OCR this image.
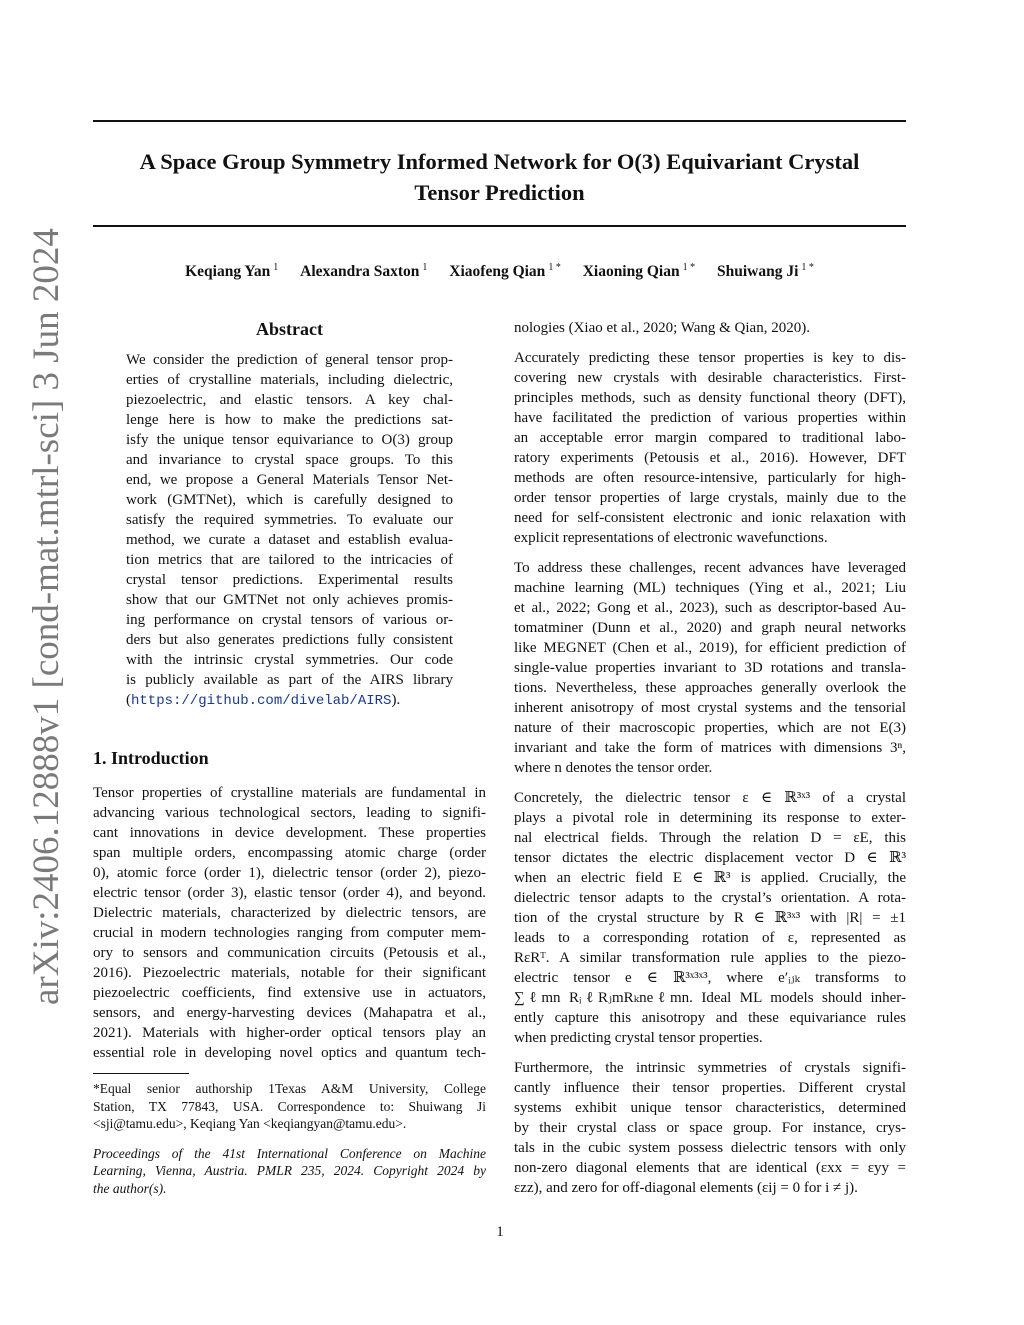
arXiv:2406.12888v1 [cond-mat.mtrl-sci] 3 Jun 2024
A Space Group Symmetry Informed Network for O(3) Equivariant Crystal
Tensor Prediction
Keqiang Yan $^1$ Alexandra Saxton $^1$ Xiaofeng Qian $^{1 *}$ Xiaoning Qian $^{1 *}$ Shuiwang Ji $^{1 *}$
Abstract
We consider the prediction of general tensor prop-
erties of crystalline materials, including dielectric,
piezoelectric, and elastic tensors. A key chal-
lenge here is how to make the predictions sat-
isfy the unique tensor equivariance to O(3) group
and invariance to crystal space groups. To this
end, we propose a General Materials Tensor Net-
work (GMTNet), which is carefully designed to
satisfy the required symmetries. To evaluate our
method, we curate a dataset and establish evalua-
tion metrics that are tailored to the intricacies of
crystal tensor predictions. Experimental results
show that our GMTNet not only achieves promis-
ing performance on crystal tensors of various or-
ders but also generates predictions fully consistent
with the intrinsic crystal symmetries. Our code
is publicly available as part of the AIRS library
(https://github.com/divelab/AIRS).
1. Introduction
Tensor properties of crystalline materials are fundamental in
advancing various technological sectors, leading to signifi-
cant innovations in device development. These properties
span multiple orders, encompassing atomic charge (order
0), atomic force (order 1), dielectric tensor (order 2), piezo-
electric tensor (order 3), elastic tensor (order 4), and beyond.
Dielectric materials, characterized by dielectric tensors, are
crucial in modern technologies ranging from computer mem-
ory to sensors and communication circuits (Petousis et al.,
2016). Piezoelectric materials, notable for their significant
piezoelectric coefficients, find extensive use in actuators,
sensors, and energy-harvesting devices (Mahapatra et al.,
2021). Materials with higher-order optical tensors play an
essential role in developing novel optics and quantum tech-
*Equal senior authorship 1Texas A&M University, College
Station, TX 77843, USA. Correspondence to: Shuiwang Ji
<sji@tamu.edu>, Keqiang Yan <keqiangyan@tamu.edu>.
Proceedings of the 41st International Conference on Machine
Learning, Vienna, Austria. PMLR 235, 2024. Copyright 2024 by
the author(s).

nologies (Xiao et al., 2020; Wang & Qian, 2020).

Accurately predicting these tensor properties is key to dis-
covering new crystals with desirable characteristics. First-
principles methods, such as density functional theory (DFT),
have facilitated the prediction of various properties within
an acceptable error margin compared to traditional labo-
ratory experiments (Petousis et al., 2016). However, DFT
methods are often resource-intensive, particularly for high-
order tensor properties of large crystals, mainly due to the
need for self-consistent electronic and ionic relaxation with
explicit representations of electronic wavefunctions.

To address these challenges, recent advances have leveraged
machine learning (ML) techniques (Ying et al., 2021; Liu
et al., 2022; Gong et al., 2023), such as descriptor-based Au-
tomatminer (Dunn et al., 2020) and graph neural networks
like MEGNET (Chen et al., 2019), for efficient prediction of
single-value properties invariant to 3D rotations and transla-
tions. Nevertheless, these approaches generally overlook the
inherent anisotropy of most crystal systems and the tensorial
nature of their macroscopic properties, which are not E(3)
invariant and take the form of matrices with dimensions 3ⁿ,
where n denotes the tensor order.

Concretely, the dielectric tensor ε ∈ ℝ³ˣ³ of a crystal
plays a pivotal role in determining its response to exter-
nal electrical fields. Through the relation D = εE, this
tensor dictates the electric displacement vector D ∈ ℝ³
when an electric field E ∈ ℝ³ is applied. Crucially, the
dielectric tensor adapts to the crystal’s orientation. A rota-
tion of the crystal structure by R ∈ ℝ³ˣ³ with |R| = ±1
leads to a corresponding rotation of ε, represented as
RεRᵀ. A similar transformation rule applies to the piezo-
electric tensor e ∈ ℝ³ˣ³ˣ³, where e′ᵢⱼₖ transforms to
∑ℓmn RᵢℓRⱼmRₖnеℓmn. Ideal ML models should inher-
ently capture this anisotropy and these equivariance rules
when predicting crystal tensor properties.

Furthermore, the intrinsic symmetries of crystals signifi-
cantly influence their tensor properties. Different crystal
systems exhibit unique tensor characteristics, determined
by their crystal class or space group. For instance, crys-
tals in the cubic system possess dielectric tensors with only
non-zero diagonal elements that are identical (εxx = εyy =
εzz), and zero for off-diagonal elements (εij = 0 for i ≠ j).

1
